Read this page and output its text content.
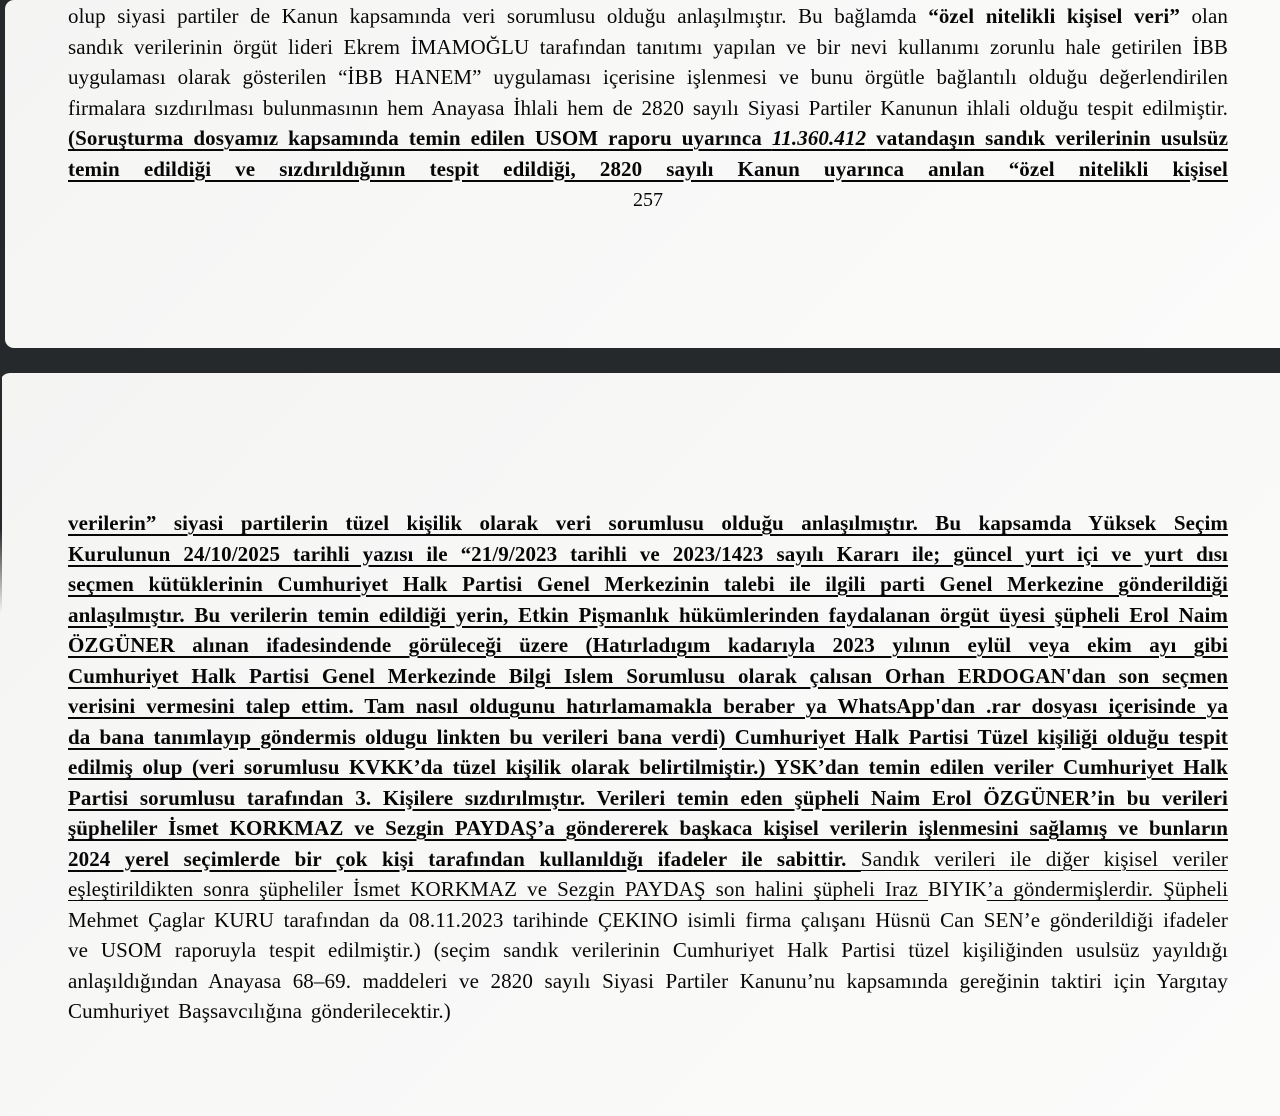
olup siyasi partiler de Kanun kapsamında veri sorumlusu olduğu anlaşılmıştır. Bu bağlamda “özel nitelikli kişisel veri” olan sandık verilerinin örgüt lideri Ekrem İMAMOĞLU tarafından tanıtımı yapılan ve bir nevi kullanımı zorunlu hale getirilen İBB uygulaması olarak gösterilen “İBB HANEM” uygulaması içerisine işlenmesi ve bunu örgütle bağlantılı olduğu değerlendirilen firmalara sızdırılması bulunmasının hem Anayasa İhlali hem de 2820 sayılı Siyasi Partiler Kanunun ihlali olduğu tespit edilmiştir. (Soruşturma dosyamız kapsamında temin edilen USOM raporu uyarınca 11.360.412 vatandaşın sandık verilerinin usulsüz temin edildiği ve sızdırıldığının tespit edildiği, 2820 sayılı Kanun uyarınca anılan “özel nitelikli kişisel

257

verilerin” siyasi partilerin tüzel kişilik olarak veri sorumlusu olduğu anlaşılmıştır. Bu kapsamda Yüksek Seçim Kurulunun 24/10/2025 tarihli yazısı ile “21/9/2023 tarihli ve 2023/1423 sayılı Kararı ile; güncel yurt içi ve yurt dısı seçmen kütüklerinin Cumhuriyet Halk Partisi Genel Merkezinin talebi ile ilgili parti Genel Merkezine gönderildiği anlaşılmıştır. Bu verilerin temin edildiği yerin, Etkin Pişmanlık hükümlerinden faydalanan örgüt üyesi şüpheli Erol Naim ÖZGÜNER alınan ifadesindende görüleceği üzere (Hatırladıgım kadarıyla 2023 yılının eylül veya ekim ayı gibi Cumhuriyet Halk Partisi Genel Merkezinde Bilgi Islem Sorumlusu olarak çalısan Orhan ERDOGAN'dan son seçmen verisini vermesini talep ettim. Tam nasıl oldugunu hatırlamamakla beraber ya WhatsApp'dan .rar dosyası içerisinde ya da bana tanımlayıp göndermis oldugu linkten bu verileri bana verdi) Cumhuriyet Halk Partisi Tüzel kişiliği olduğu tespit edilmiş olup (veri sorumlusu KVKK’da tüzel kişilik olarak belirtilmiştir.) YSK’dan temin edilen veriler Cumhuriyet Halk Partisi sorumlusu tarafından 3. Kişilere sızdırılmıştır. Verileri temin eden şüpheli Naim Erol ÖZGÜNER’in bu verileri şüpheliler İsmet KORKMAZ ve Sezgin PAYDAŞ’a göndererek başkaca kişisel verilerin işlenmesini sağlamış ve bunların 2024 yerel seçimlerde bir çok kişi tarafından kullanıldığı ifadeler ile sabittir. Sandık verileri ile diğer kişisel veriler eşleştirildikten sonra şüpheliler İsmet KORKMAZ ve Sezgin PAYDAŞ son halini şüpheli Iraz BIYIK’a göndermişlerdir. Şüpheli Mehmet Çaglar KURU tarafından da 08.11.2023 tarihinde ÇEKINO isimli firma çalışanı Hüsnü Can SEN’e gönderildiği ifadeler ve USOM raporuyla tespit edilmiştir.) (seçim sandık verilerinin Cumhuriyet Halk Partisi tüzel kişiliğinden usulsüz yayıldığı anlaşıldığından Anayasa 68–69. maddeleri ve 2820 sayılı Siyasi Partiler Kanunu’nu kapsamında gereğinin taktiri için Yargıtay Cumhuriyet Başsavcılığına gönderilecektir.)
